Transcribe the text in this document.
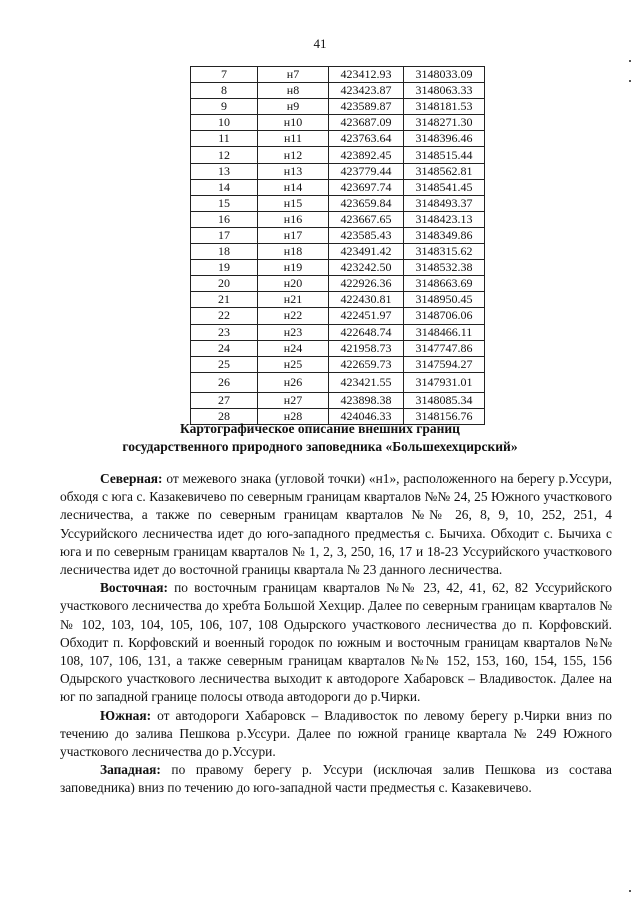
41
7	н7	423412.93	3148033.09
8	н8	423423.87	3148063.33
9	н9	423589.87	3148181.53
10	н10	423687.09	3148271.30
11	н11	423763.64	3148396.46
12	н12	423892.45	3148515.44
13	н13	423779.44	3148562.81
14	н14	423697.74	3148541.45
15	н15	423659.84	3148493.37
16	н16	423667.65	3148423.13
17	н17	423585.43	3148349.86
18	н18	423491.42	3148315.62
19	н19	423242.50	3148532.38
20	н20	422926.36	3148663.69
21	н21	422430.81	3148950.45
22	н22	422451.97	3148706.06
23	н23	422648.74	3148466.11
24	н24	421958.73	3147747.86
25	н25	422659.73	3147594.27
26	н26	423421.55	3147931.01
27	н27	423898.38	3148085.34
28	н28	424046.33	3148156.76
Картографическое описание внешних границ
государственного природного заповедника «Большехехцирский»

Северная: от межевого знака (угловой точки) «н1», расположенного на берегу р.Уссури, обходя с юга с. Казакевичево по северным границам кварталов №№ 24, 25 Южного участкового лесничества, а также по северным границам кварталов №№ 26, 8, 9, 10, 252, 251, 4 Уссурийского лесничества идет до юго-западного предместья с. Бычиха. Обходит с. Бычиха с юга и по северным границам кварталов № 1, 2, 3, 250, 16, 17 и 18-23 Уссурийского участкового лесничества идет до восточной границы квартала № 23 данного лесничества.

Восточная: по восточным границам кварталов №№ 23, 42, 41, 62, 82 Уссурийского участкового лесничества до хребта Большой Хехцир. Далее по северным границам кварталов №№ 102, 103, 104, 105, 106, 107, 108 Одырского участкового лесничества до п. Корфовский. Обходит п. Корфовский и военный городок по южным и восточным границам кварталов №№ 108, 107, 106, 131, а также северным границам кварталов №№ 152, 153, 160, 154, 155, 156 Одырского участкового лесничества выходит к автодороге Хабаровск – Владивосток. Далее на юг по западной границе полосы отвода автодороги до р.Чирки.

Южная: от автодороги Хабаровск – Владивосток по левому берегу р.Чирки вниз по течению до залива Пешкова р.Уссури. Далее по южной границе квартала № 249 Южного участкового лесничества до р.Уссури.

Западная: по правому берегу р. Уссури (исключая залив Пешкова из состава заповедника) вниз по течению до юго-западной части предместья с. Казакевичево.
